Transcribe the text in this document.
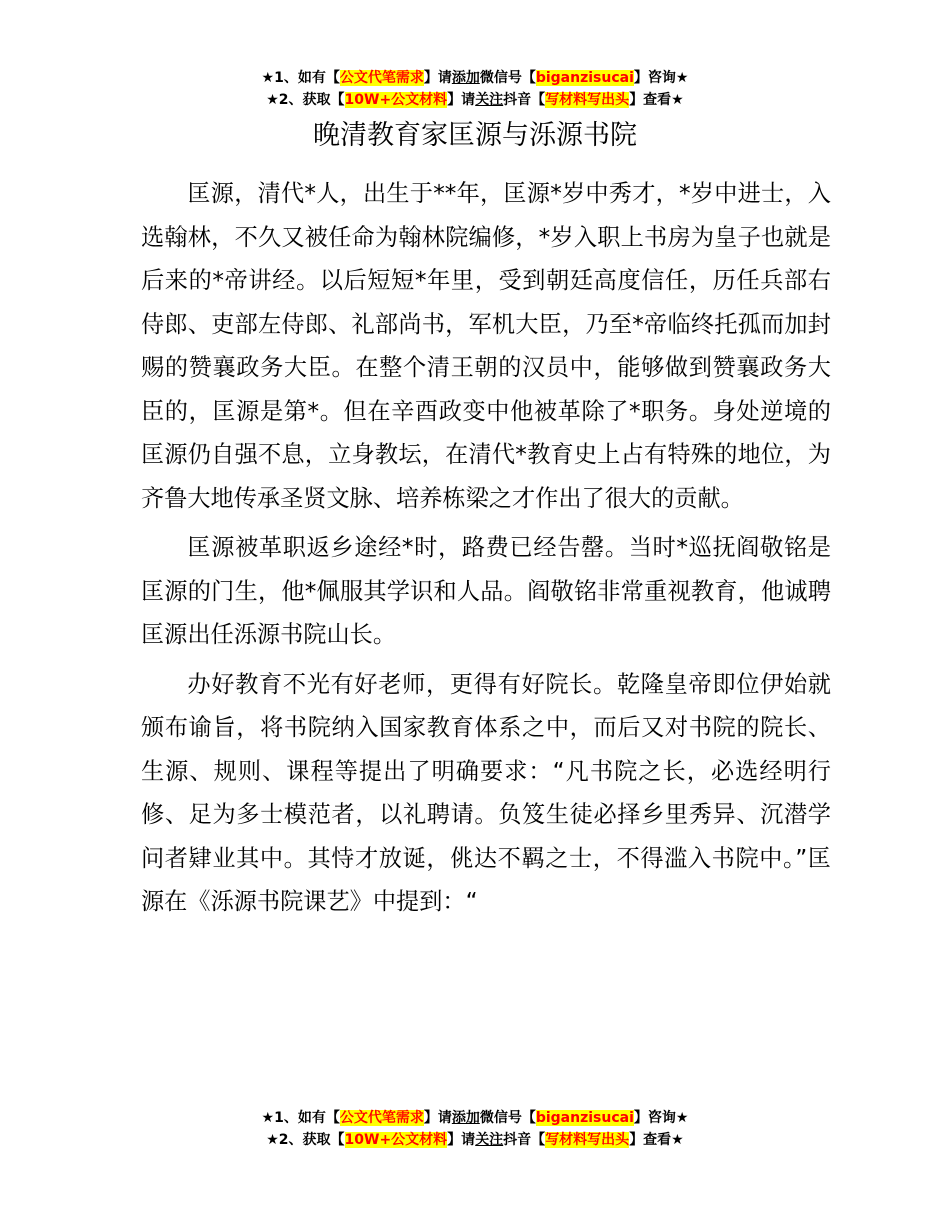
★1、如有【公文代笔需求】请添加微信号【biganzisucai】咨询★
★2、获取【10W+公文材料】请关注抖音【写材料写出头】查看★
晚清教育家匡源与泺源书院

匡源，清代*人，出生于**年，匡源*岁中秀才，*岁中进士，入选翰林，不久又被任命为翰林院编修，*岁入职上书房为皇子也就是后来的*帝讲经。以后短短*年里，受到朝廷高度信任，历任兵部右侍郎、吏部左侍郎、礼部尚书，军机大臣，乃至*帝临终托孤而加封赐的赞襄政务大臣。在整个清王朝的汉员中，能够做到赞襄政务大臣的，匡源是第*。但在辛酉政变中他被革除了*职务。身处逆境的匡源仍自强不息，立身教坛，在清代*教育史上占有特殊的地位，为齐鲁大地传承圣贤文脉、培养栋梁之才作出了很大的贡献。

匡源被革职返乡途经*时，路费已经告罄。当时*巡抚阎敬铭是匡源的门生，他*佩服其学识和人品。阎敬铭非常重视教育，他诚聘匡源出任泺源书院山长。

办好教育不光有好老师，更得有好院长。乾隆皇帝即位伊始就颁布谕旨，将书院纳入国家教育体系之中，而后又对书院的院长、生源、规则、课程等提出了明确要求：“凡书院之长，必选经明行修、足为多士模范者，以礼聘请。负笈生徒必择乡里秀异、沉潜学问者肄业其中。其恃才放诞，佻达不羁之士，不得滥入书院中。”匡源在《泺源书院课艺》中提到：“

★1、如有【公文代笔需求】请添加微信号【biganzisucai】咨询★
★2、获取【10W+公文材料】请关注抖音【写材料写出头】查看★
